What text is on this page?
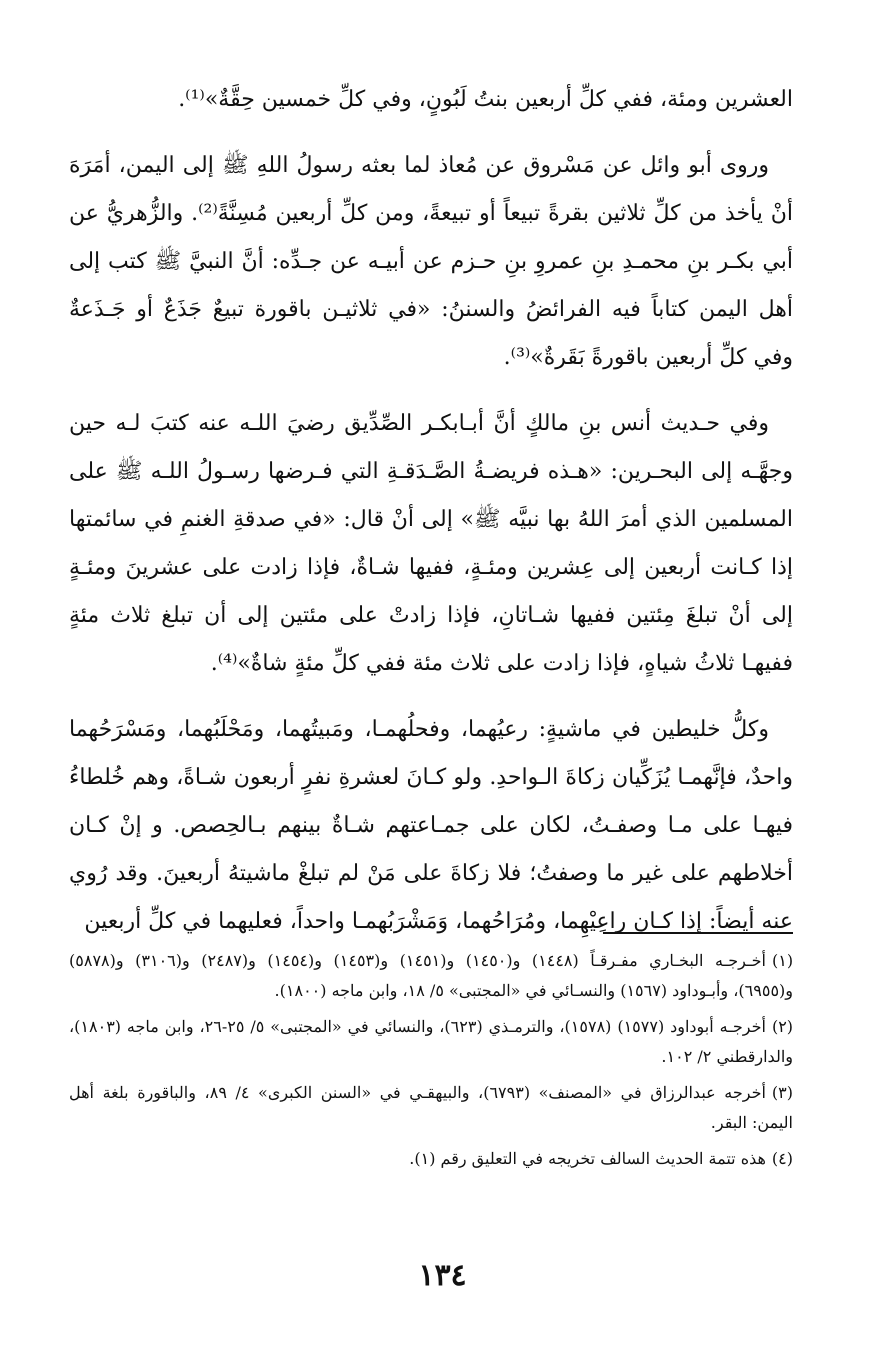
العشرين ومئة، ففي كلِّ أربعين بنتُ لَبُونٍ، وفي كلِّ خمسين حِقَّةٌ»⁽¹⁾.

وروى أبو وائل عن مَسْروق عن مُعاذ لما بعثه رسولُ اللهِ ﷺ إلى اليمن، أمَرَهَ أنْ يأخذ من كلِّ ثلاثين بقرةً تبيعاً أو تبيعةً، ومن كلِّ أربعين مُسِنَّةً⁽²⁾. والزُّهريُّ عن أبي بكـر بنِ محمـدِ بنِ عمروِ بنِ حـزم عن أبيـه عن جـدِّه: أنَّ النبيَّ ﷺ كتب إلى أهل اليمن كتاباً فيه الفرائضُ والسننُ: «في ثلاثيـن باقورة تبيعٌ جَذَعٌ أو جَـذَعةٌ وفي كلِّ أربعين باقورةً بَقَرةٌ»⁽³⁾.

وفي حـديث أنس بنِ مالكٍ أنَّ أبـابكـر الصِّدِّيق رضيَ اللـه عنه كتبَ لـه حين وجهَّـه إلى البحـرين: «هـذه فريضـةُ الصَّـدَقـةِ التي فـرضها رسـولُ اللـه ﷺ على المسلمين الذي أمرَ اللهُ بها نبيَّه ﷺ» إلى أنْ قال: «في صدقةِ الغنمِ في سائمتها إذا كـانت أربعين إلى عِشرين ومئـةٍ، ففيها شـاةٌ، فإذا زادت على عشرينَ ومئـةٍ إلى أنْ تبلغَ مِئتين ففيها شـاتانِ، فإذا زادتْ على مئتين إلى أن تبلغ ثلاث مئةٍ ففيهـا ثلاثُ شياهٍ، فإذا زادت على ثلاث مئة ففي كلِّ مئةٍ شاةٌ»⁽⁴⁾.

وكلُّ خليطين في ماشيةٍ: رعيُهما، وفحلُهمـا، ومَبيتُهما، ومَحْلَبُهما، ومَسْرَحُهما واحدٌ، فإنَّهمـا يُزَكِّيان زكاةَ الـواحدِ. ولو كـانَ لعشرةِ نفرٍ أربعون شـاةً، وهم خُلطاءُ فيهـا على مـا وصفـتُ، لكان على جمـاعتهم شـاةٌ بينهم بـالحِصص. و إنْ كـان أخلاطهم على غير ما وصفتُ؛ فلا زكاةَ على مَنْ لم تبلغْ ماشيتهُ أربعينَ. وقد رُوي عنه أيضاً: إذا كـان راعِيْهِما، ومُرَاحُهما، وَمَشْرَبُهمـا واحداً، فعليهما في كلِّ أربعين

(١)أخـرجـه البخـاري مفـرقـاً (١٤٤٨) و(١٤٥٠) و(١٤٥١) و(١٤٥٣) و(١٤٥٤) و(٢٤٨٧) و(٣١٠٦) و(٥٨٧٨) و(٦٩٥٥)، وأبـوداود (١٥٦٧) والنسـائي في «المجتبى» ٥/ ١٨، وابن ماجه (١٨٠٠).
(٢)أخرجـه أبوداود (١٥٧٧) (١٥٧٨)، والترمـذي (٦٢٣)، والنسائي في «المجتبى» ٥/ ٢٥-٢٦، وابن ماجه (١٨٠٣)، والدارقطني ٢/ ١٠٢.
(٣)أخرجه عبدالرزاق في «المصنف» (٦٧٩٣)، والبيهقـي في «السنن الكبرى» ٤/ ٨٩، والباقورة بلغة أهل اليمن: البقر.
(٤)هذه تتمة الحديث السالف تخريجه في التعليق رقم (١).
١٣٤
